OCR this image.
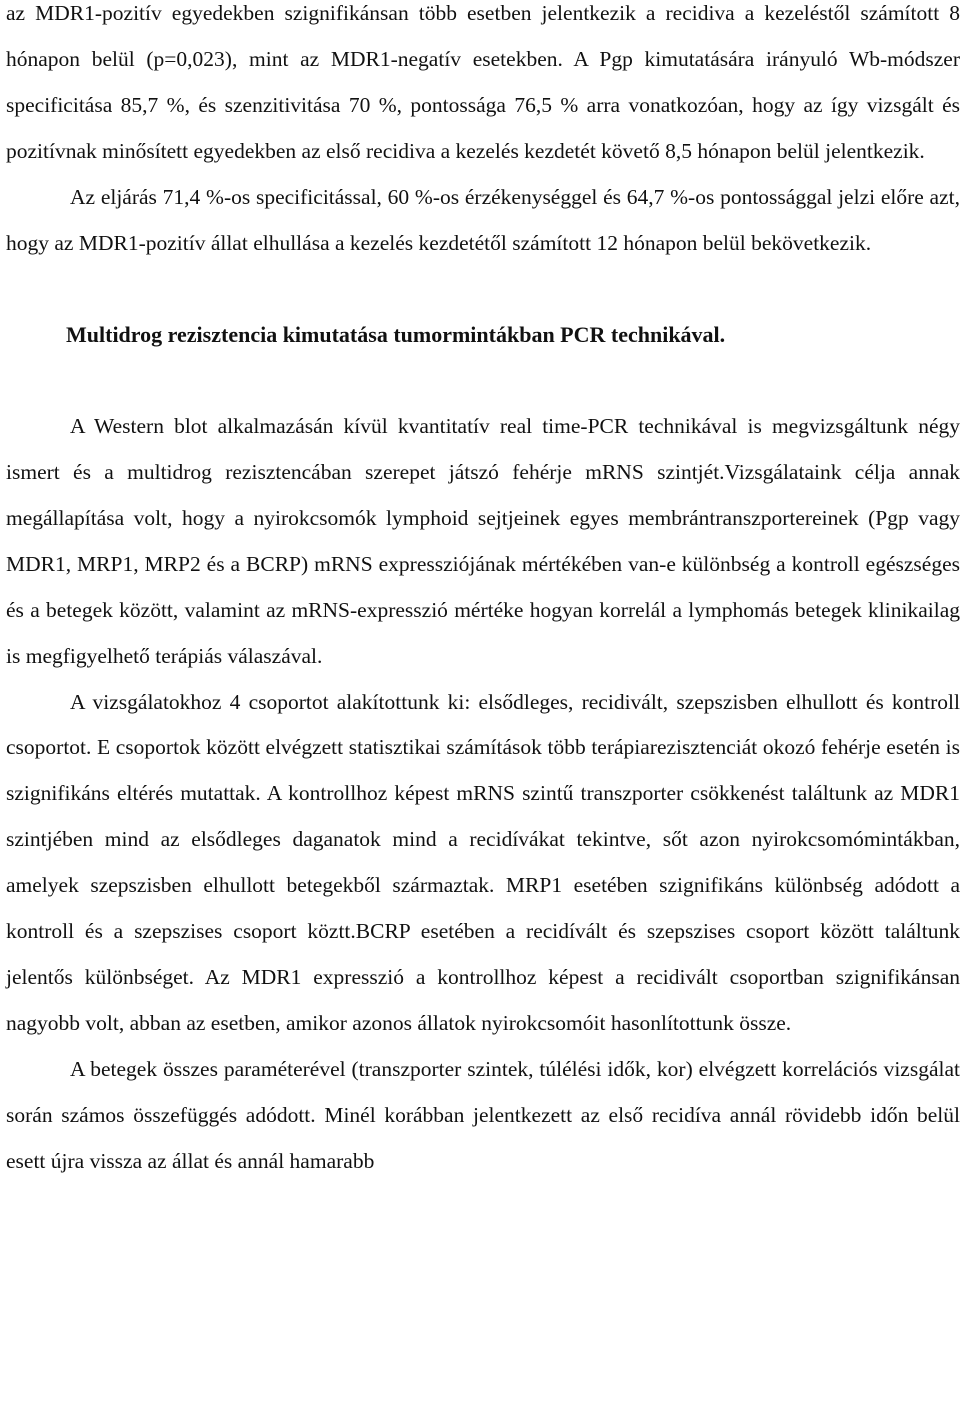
az MDR1-pozitív egyedekben szignifikánsan több esetben jelentkezik a recidiva a kezeléstől számított 8 hónapon belül (p=0,023), mint az MDR1-negatív esetekben. A Pgp kimutatására irányuló Wb-módszer specificitása 85,7 %, és szenzitivitása 70 %, pontossága 76,5 % arra vonatkozóan, hogy az így vizsgált és pozitívnak minősített egyedekben az első recidiva a kezelés kezdetét követő 8,5 hónapon belül jelentkezik.

Az eljárás 71,4 %-os specificitással, 60 %-os érzékenységgel és 64,7 %-os pontossággal jelzi előre azt, hogy az MDR1-pozitív állat elhullása a kezelés kezdetétől számított 12 hónapon belül bekövetkezik.

Multidrog rezisztencia kimutatása tumormintákban PCR technikával.

A Western blot alkalmazásán kívül kvantitatív real time-PCR technikával is megvizsgáltunk négy ismert és a multidrog rezisztencában szerepet játszó fehérje mRNS szintjét.Vizsgálataink célja annak megállapítása volt, hogy a nyirokcsomók lymphoid sejtjeinek egyes membrántranszportereinek (Pgp vagy MDR1, MRP1, MRP2 és a BCRP) mRNS expressziójának mértékében van-e különbség a kontroll egészséges és a betegek között, valamint az mRNS-expresszió mértéke hogyan korrelál a lymphomás betegek klinikailag is megfigyelhető terápiás válaszával.

A vizsgálatokhoz 4 csoportot alakítottunk ki: elsődleges, recidivált, szepszisben elhullott és kontroll csoportot. E csoportok között elvégzett statisztikai számítások több terápiarezisztenciát okozó fehérje esetén is szignifikáns eltérés mutattak. A kontrollhoz képest mRNS szintű transzporter csökkenést találtunk az MDR1 szintjében mind az elsődleges daganatok mind a recidívákat tekintve, sőt azon nyirokcsomómintákban, amelyek szepszisben elhullott betegekből származtak. MRP1 esetében szignifikáns különbség adódott a kontroll és a szepszises csoport köztt.BCRP esetében a recidívált és szepszises csoport között találtunk jelentős különbséget. Az MDR1 expresszió a kontrollhoz képest a recidivált csoportban szignifikánsan nagyobb volt, abban az esetben, amikor azonos állatok nyirokcsomóit hasonlítottunk össze.

A betegek összes paraméterével (transzporter szintek, túlélési idők, kor) elvégzett korrelációs vizsgálat során számos összefüggés adódott. Minél korábban jelentkezett az első recidíva annál rövidebb időn belül esett újra vissza az állat és annál hamarabb
